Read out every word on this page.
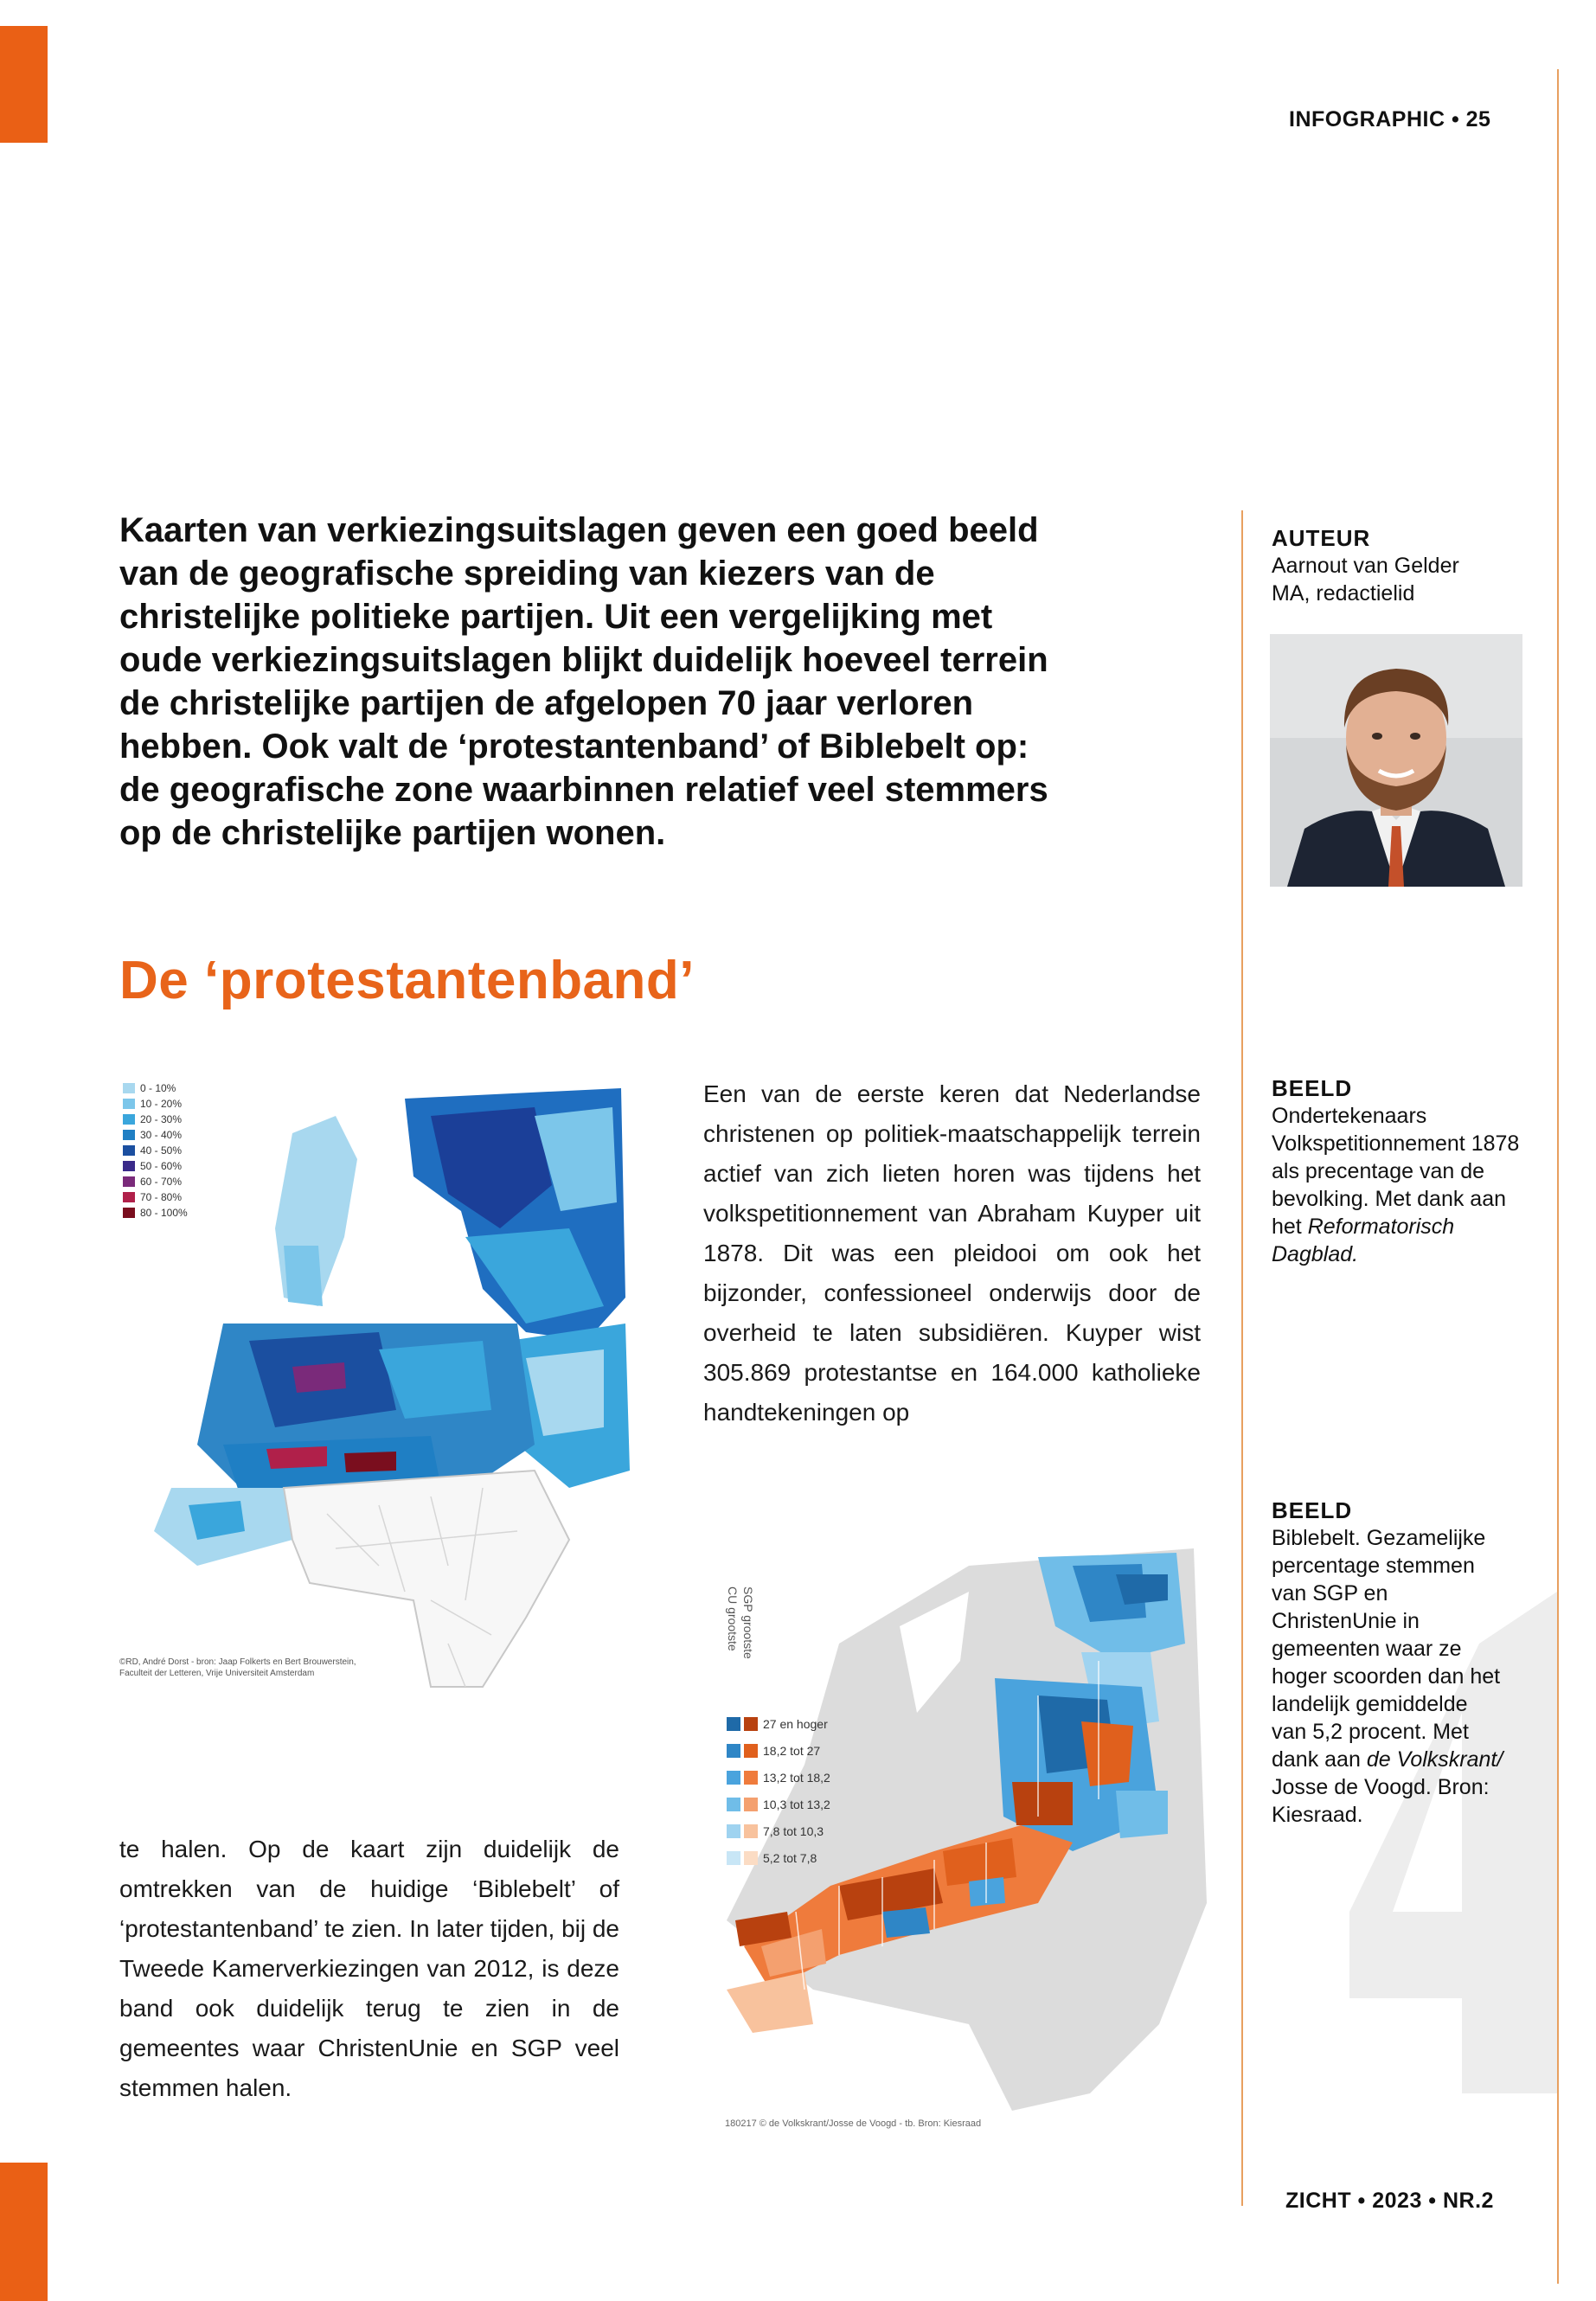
INFOGRAPHIC • 25
ZICHT • 2023 • NR.2

Kaarten van verkiezingsuitslagen geven een goed beeld van de geografische spreiding van kiezers van de christelijke politieke partijen. Uit een vergelijking met oude verkiezingsuitslagen blijkt duidelijk hoeveel terrein de christelijke partijen de afgelopen 70 jaar verloren hebben. Ook valt de ‘protestantenband’ of Biblebelt op: de geografische zone waarbinnen relatief veel stemmers op de christelijke partijen wonen.

De ‘protestantenband’
AUTEUR
Aarnout van Gelder
MA, redactielid
0 - 10%
10 - 20%
20 - 30%
30 - 40%
40 - 50%
50 - 60%
60 - 70%
70 - 80%
80 - 100%
©RD, André Dorst - bron: Jaap Folkerts en Bert Brouwerstein,
Faculteit der Letteren, Vrije Universiteit Amsterdam
Een van de eerste keren dat Nederlandse christenen op politiek-maatschappelijk terrein actief van zich lieten horen was tijdens het volkspetitionnement van Abraham Kuyper uit 1878. Dit was een pleidooi om ook het bijzonder, confessioneel onderwijs door de overheid te laten subsidiëren. Kuyper wist 305.869 protestantse en 164.000 katholieke handtekeningen op
te halen. Op de kaart zijn duidelijk de omtrekken van de huidige ‘Biblebelt’ of ‘protestantenband’ te zien. In later tijden, bij de Tweede Kamerverkiezingen van 2012, is deze band ook duidelijk terug te zien in de gemeentes waar ChristenUnie en SGP veel stemmen halen.
BEELD
Ondertekenaars Volkspetitionnement 1878 als precentage van de bevolking. Met dank aan het Reformatorisch Dagblad.
BEELD
Biblebelt. Gezamelijke percentage stemmen van SGP en ChristenUnie in gemeenten waar ze hoger scoorden dan het landelijk gemiddelde van 5,2 procent. Met dank aan de Volkskrant/ Josse de Voogd. Bron: Kiesraad.
SGP grootste
CU grootste
27 en hoger
18,2 tot 27
13,2 tot 18,2
10,3 tot 13,2
7,8 tot 10,3
5,2 tot 7,8
180217 © de Volkskrant/Josse de Voogd - tb. Bron: Kiesraad
